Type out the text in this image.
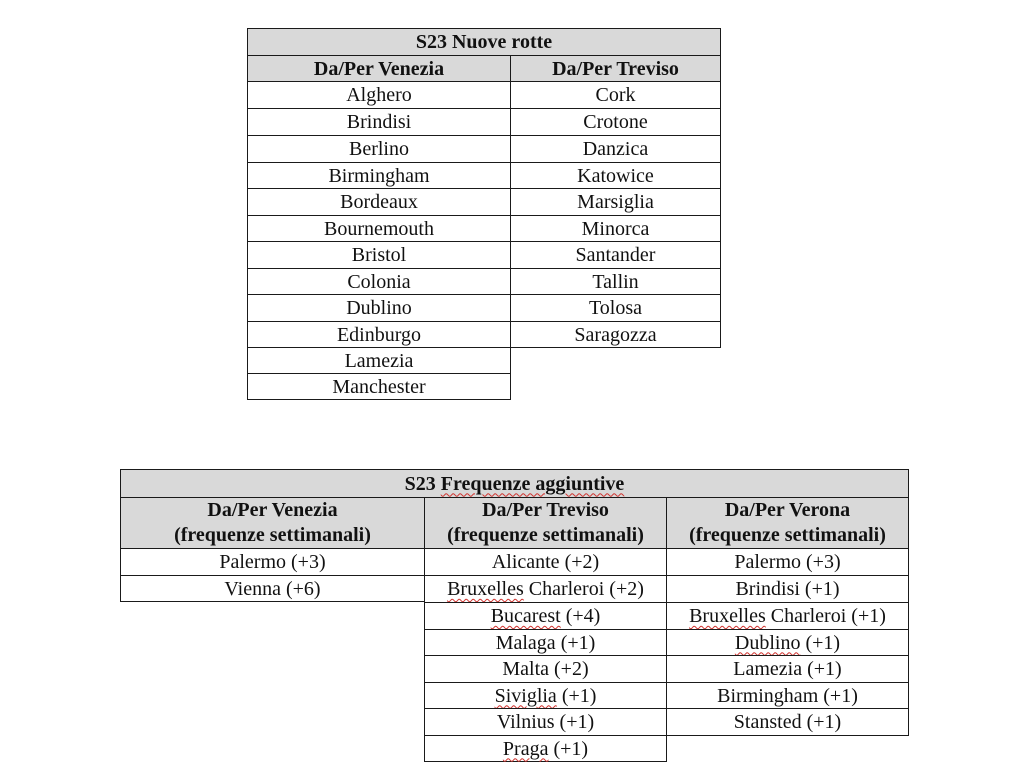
S23 Nuove rotte
Da/Per Venezia	Da/Per Treviso
Alghero
Brindisi
Berlino
Birmingham
Bordeaux
Bournemouth
Bristol
Colonia
Dublino
Edinburgo
Lamezia
Manchester
Cork
Crotone
Danzica
Katowice
Marsiglia
Minorca
Santander
Tallin
Tolosa
Saragozza
S23 Frequenze aggiuntive
Da/Per Venezia
(frequenze settimanali)
Da/Per Treviso
(frequenze settimanali)
Da/Per Verona
(frequenze settimanali)
Palermo (+3)
Vienna (+6)
Alicante (+2)
Bruxelles Charleroi (+2)
Bucarest (+4)
Malaga (+1)
Malta (+2)
Siviglia (+1)
Vilnius (+1)
Praga (+1)
Palermo (+3)
Brindisi (+1)
Bruxelles Charleroi (+1)
Dublino (+1)
Lamezia (+1)
Birmingham (+1)
Stansted (+1)
